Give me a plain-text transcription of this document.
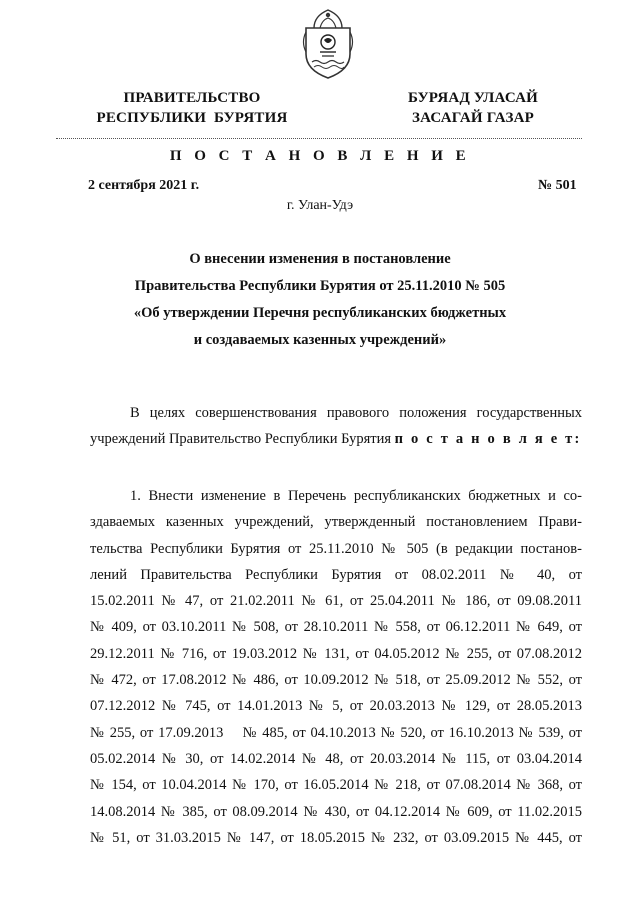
ПРАВИТЕЛЬСТВО
РЕСПУБЛИКИ  БУРЯТИЯ
БУРЯАД УЛАСАЙ
ЗАСАГАЙ ГАЗАР
П О С Т А Н О В Л Е Н И Е
2 сентября 2021 г.	№ 501
г. Улан-Удэ
О внесении изменения в постановление
Правительства Республики Бурятия от 25.11.2010 № 505
«Об утверждении Перечня республиканских бюджетных
и создаваемых казенных учреждений»
В целях совершенствования правового положения государственных
учреждений Правительство Республики Бурятия п о с т а н о в л я е т:
1. Внести изменение в Перечень республиканских бюджетных и со-
здаваемых казенных учреждений, утвержденный постановлением Прави-
тельства Республики Бурятия от 25.11.2010 № 505 (в редакции постанов-
лений Правительства Республики Бурятия от 08.02.2011 № 40, от
15.02.2011 № 47, от 21.02.2011 № 61, от 25.04.2011 № 186, от 09.08.2011
№ 409, от 03.10.2011 № 508, от 28.10.2011 № 558, от 06.12.2011 № 649, от
29.12.2011 № 716, от 19.03.2012 № 131, от 04.05.2012 № 255, от 07.08.2012
№ 472, от 17.08.2012 № 486, от 10.09.2012 № 518, от 25.09.2012 № 552, от
07.12.2012 № 745, от 14.01.2013 № 5, от 20.03.2013 № 129, от 28.05.2013
№ 255, от 17.09.2013    № 485, от 04.10.2013 № 520, от 16.10.2013 № 539, от
05.02.2014 № 30, от 14.02.2014 № 48, от 20.03.2014 № 115, от 03.04.2014
№ 154, от 10.04.2014 № 170, от 16.05.2014 № 218, от 07.08.2014 № 368, от
14.08.2014 № 385, от 08.09.2014 № 430, от 04.12.2014 № 609, от 11.02.2015
№ 51, от 31.03.2015 № 147, от 18.05.2015 № 232, от 03.09.2015 № 445, от
